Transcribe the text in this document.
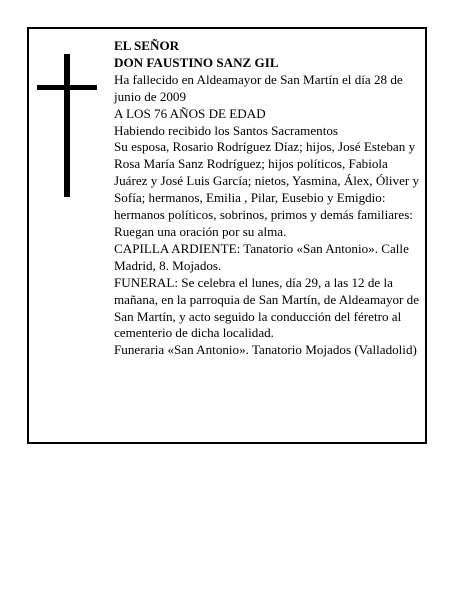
EL SEÑOR

DON FAUSTINO SANZ GIL

Ha fallecido en Aldeamayor de San Martín el día 28 de junio de 2009

A LOS 76 AÑOS DE EDAD

Habiendo recibido los Santos Sacramentos

Su esposa, Rosario Rodríguez Díaz; hijos, José Esteban y Rosa María Sanz Rodríguez; hijos políticos, Fabiola Juárez y José Luis García; nietos, Yasmina, Álex, Óliver y Sofía; hermanos, Emilia , Pilar, Eusebio y Emigdio: hermanos políticos, sobrinos, primos y demás familiares:

Ruegan una oración por su alma.

CAPILLA ARDIENTE: Tanatorio «San Antonio». Calle Madrid, 8. Mojados.

FUNERAL: Se celebra el lunes, día 29, a las 12 de la mañana, en la parroquia de San Martín, de Aldeamayor de San Martín, y acto seguido la conducción del féretro al cementerio de dicha localidad.

Funeraria «San Antonio». Tanatorio Mojados (Valladolid)
